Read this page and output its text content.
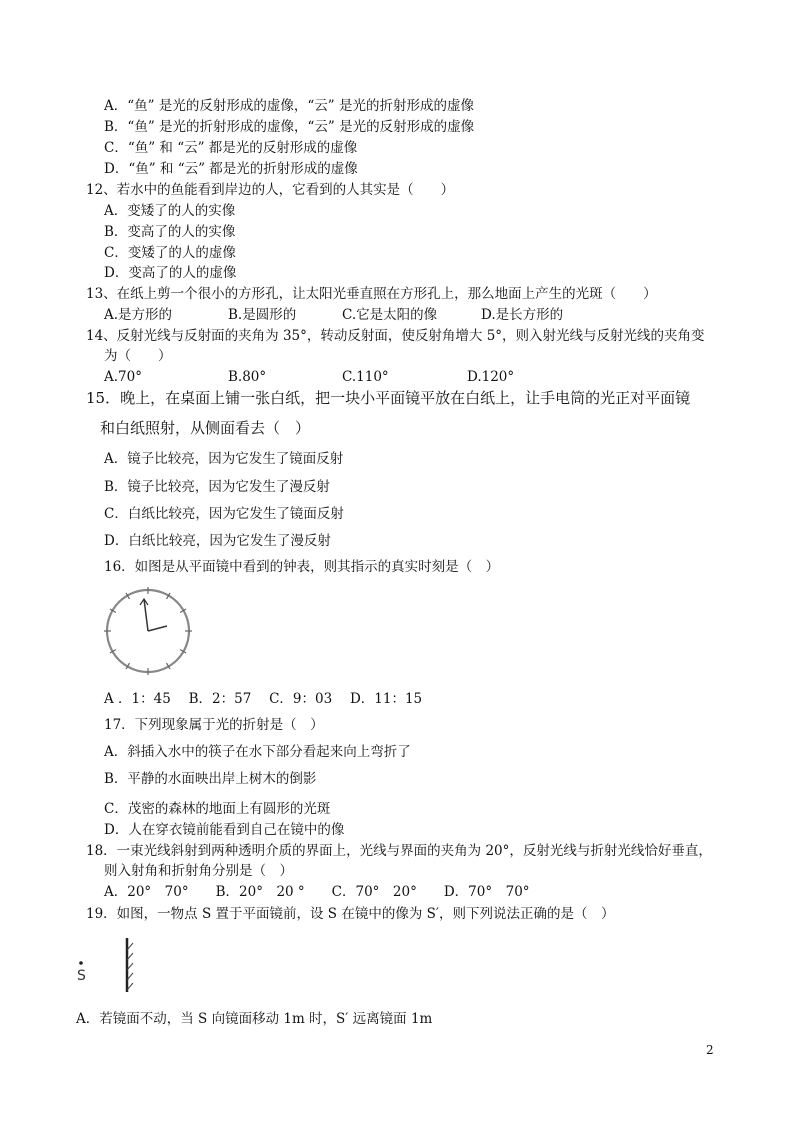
A．“鱼” 是光的反射形成的虚像，“云” 是光的折射形成的虚像
B．“鱼” 是光的折射形成的虚像，“云” 是光的反射形成的虚像
C．“鱼” 和 “云” 都是光的反射形成的虚像
D．“鱼” 和 “云” 都是光的折射形成的虚像
12、若水中的鱼能看到岸边的人，它看到的人其实是（　　）
A．变矮了的人的实像
B．变高了的人的实像
C．变矮了的人的虚像
D．变高了的人的虚像
13、在纸上剪一个很小的方形孔，让太阳光垂直照在方形孔上，那么地面上产生的光斑（　　）
A.是方形的	B.是圆形的	C.它是太阳的像	D.是长方形的
14、反射光线与反射面的夹角为 35°，转动反射面，使反射角增大 5°，则入射光线与反射光线的夹角变
为（　　）
A.70°	B.80°	C.110°	D.120°
15．晚上，在桌面上铺一张白纸，把一块小平面镜平放在白纸上，让手电筒的光正对平面镜
和白纸照射，从侧面看去（　）
A．镜子比较亮，因为它发生了镜面反射
B．镜子比较亮，因为它发生了漫反射
C．白纸比较亮，因为它发生了镜面反射
D．白纸比较亮，因为它发生了漫反射
16．如图是从平面镜中看到的钟表，则其指示的真实时刻是（　）
A ．1：45　 B．2：57　 C．9：03　 D．11：15
17．下列现象属于光的折射是（　）
A．斜插入水中的筷子在水下部分看起来向上弯折了
B．平静的水面映出岸上树木的倒影
C．茂密的森林的地面上有圆形的光斑
D．人在穿衣镜前能看到自己在镜中的像
18．一束光线斜射到两种透明介质的界面上，光线与界面的夹角为 20°，反射光线与折射光线恰好垂直，
则入射角和折射角分别是（　）
A．20°　70°　　B．20°　20 °　　C．70°　20°　　D．70°　70°
19．如图，一物点 S 置于平面镜前，设 S 在镜中的像为 S′，则下列说法正确的是（　）
S
A．若镜面不动，当 S 向镜面移动 1m 时，S′ 远离镜面 1m
2
